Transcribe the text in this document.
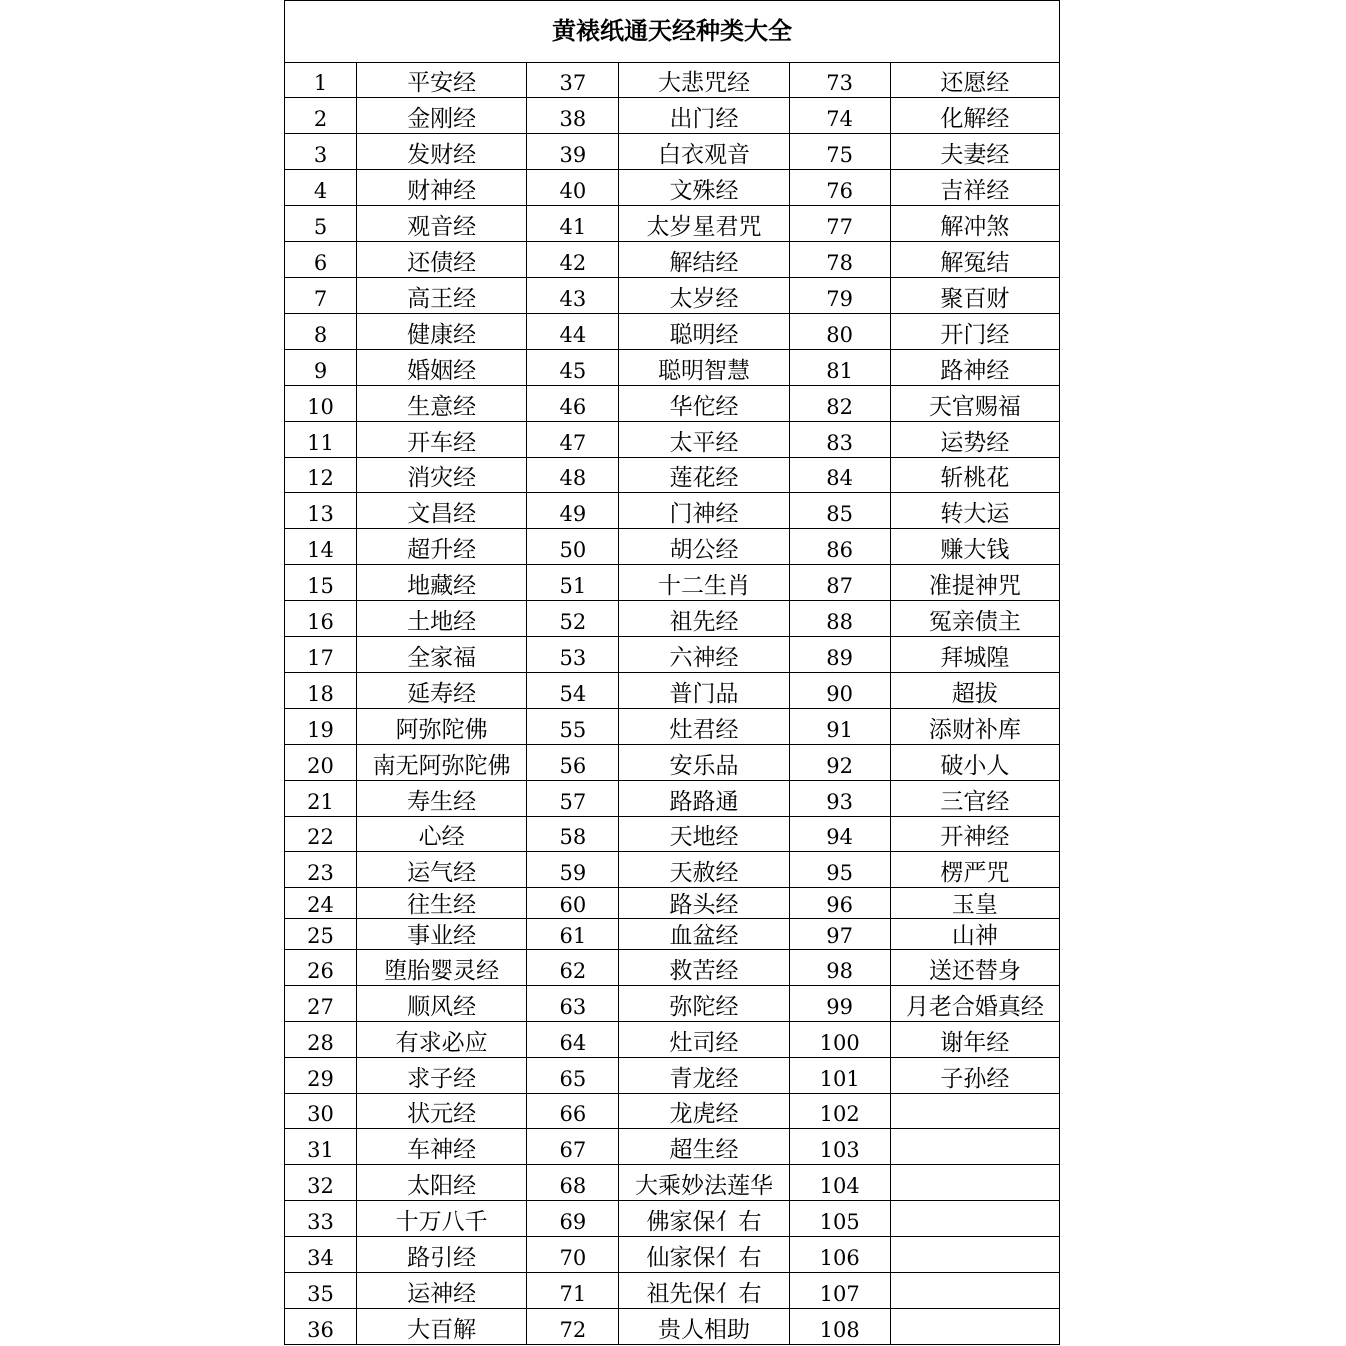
黄裱纸通天经种类大全					
1	平安经	37	大悲咒经	73	还愿经
2	金刚经	38	出门经	74	化解经
3	发财经	39	白衣观音	75	夫妻经
4	财神经	40	文殊经	76	吉祥经
5	观音经	41	太岁星君咒	77	解冲煞
6	还债经	42	解结经	78	解冤结
7	高王经	43	太岁经	79	聚百财
8	健康经	44	聪明经	80	开门经
9	婚姻经	45	聪明智慧	81	路神经
10	生意经	46	华佗经	82	天官赐福
11	开车经	47	太平经	83	运势经
12	消灾经	48	莲花经	84	斩桃花
13	文昌经	49	门神经	85	转大运
14	超升经	50	胡公经	86	赚大钱
15	地藏经	51	十二生肖	87	准提神咒
16	土地经	52	祖先经	88	冤亲债主
17	全家福	53	六神经	89	拜城隍
18	延寿经	54	普门品	90	超拔
19	阿弥陀佛	55	灶君经	91	添财补库
20	南无阿弥陀佛	56	安乐品	92	破小人
21	寿生经	57	路路通	93	三官经
22	心经	58	天地经	94	开神经
23	运气经	59	天赦经	95	楞严咒
24	往生经	60	路头经	96	玉皇
25	事业经	61	血盆经	97	山神
26	堕胎婴灵经	62	救苦经	98	送还替身
27	顺风经	63	弥陀经	99	月老合婚真经
28	有求必应	64	灶司经	100	谢年经
29	求子经	65	青龙经	101	子孙经
30	状元经	66	龙虎经	102	
31	车神经	67	超生经	103	
32	太阳经	68	大乘妙法莲华	104	
33	十万八千	69	佛家保亻右	105	
34	路引经	70	仙家保亻右	106	
35	运神经	71	祖先保亻右	107	
36	大百解	72	贵人相助	108	
